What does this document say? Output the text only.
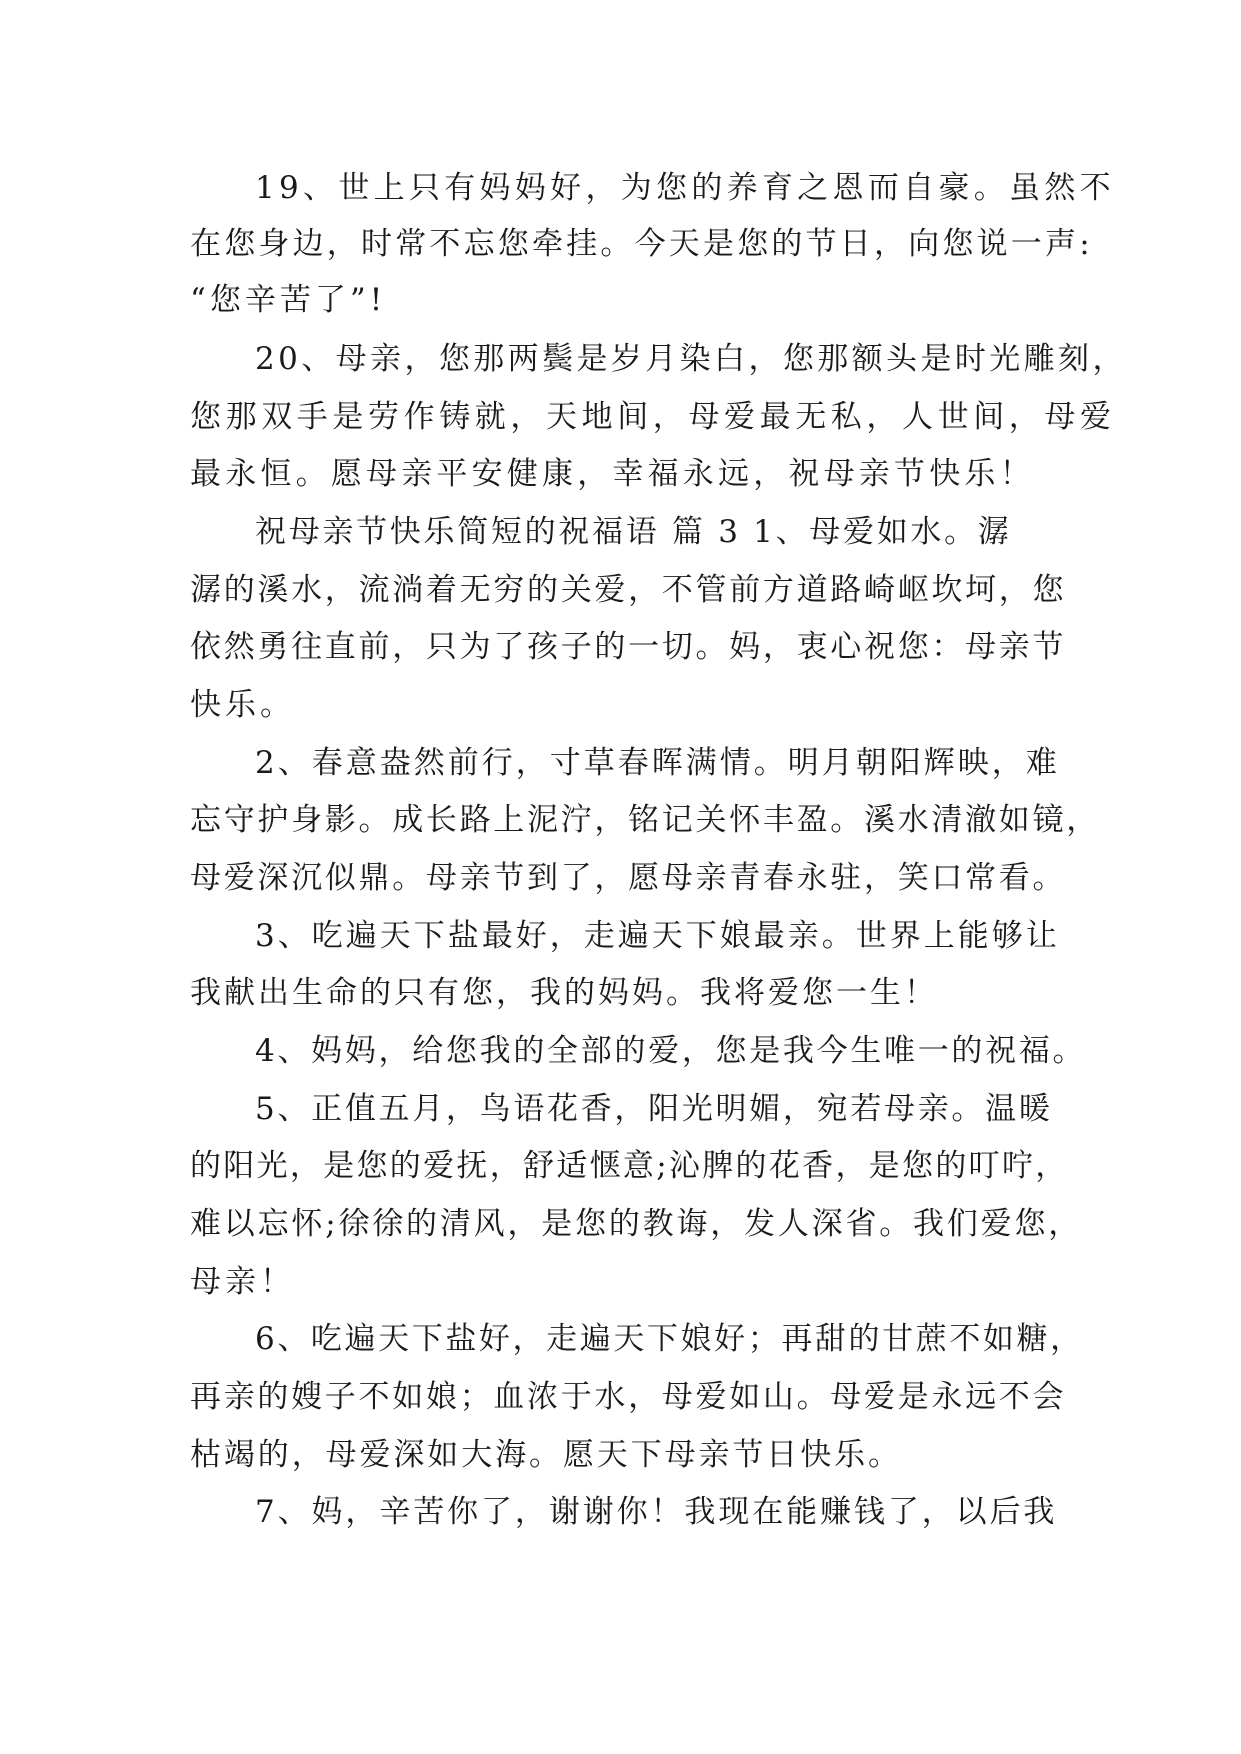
19、世上只有妈妈好，为您的养育之恩而自豪。虽然不
在您身边，时常不忘您牵挂。今天是您的节日，向您说一声:
“您辛苦了”!
20、母亲，您那两鬓是岁月染白，您那额头是时光雕刻，
您那双手是劳作铸就，天地间，母爱最无私，人世间，母爱
最永恒。愿母亲平安健康，幸福永远，祝母亲节快乐！
祝母亲节快乐简短的祝福语 篇 3 1、母爱如水。潺
潺的溪水，流淌着无穷的关爱，不管前方道路崎岖坎坷，您
依然勇往直前，只为了孩子的一切。妈，衷心祝您：母亲节
快乐。
2、春意盎然前行，寸草春晖满情。明月朝阳辉映，难
忘守护身影。成长路上泥泞，铭记关怀丰盈。溪水清澈如镜，
母爱深沉似鼎。母亲节到了，愿母亲青春永驻，笑口常看。
3、吃遍天下盐最好，走遍天下娘最亲。世界上能够让
我献出生命的只有您，我的妈妈。我将爱您一生！
4、妈妈，给您我的全部的爱，您是我今生唯一的祝福。
5、正值五月，鸟语花香，阳光明媚，宛若母亲。温暖
的阳光，是您的爱抚，舒适惬意;沁脾的花香，是您的叮咛，
难以忘怀;徐徐的清风，是您的教诲，发人深省。我们爱您，
母亲！
6、吃遍天下盐好，走遍天下娘好；再甜的甘蔗不如糖，
再亲的嫂子不如娘；血浓于水，母爱如山。母爱是永远不会
枯竭的，母爱深如大海。愿天下母亲节日快乐。
7、妈，辛苦你了，谢谢你！我现在能赚钱了，以后我
